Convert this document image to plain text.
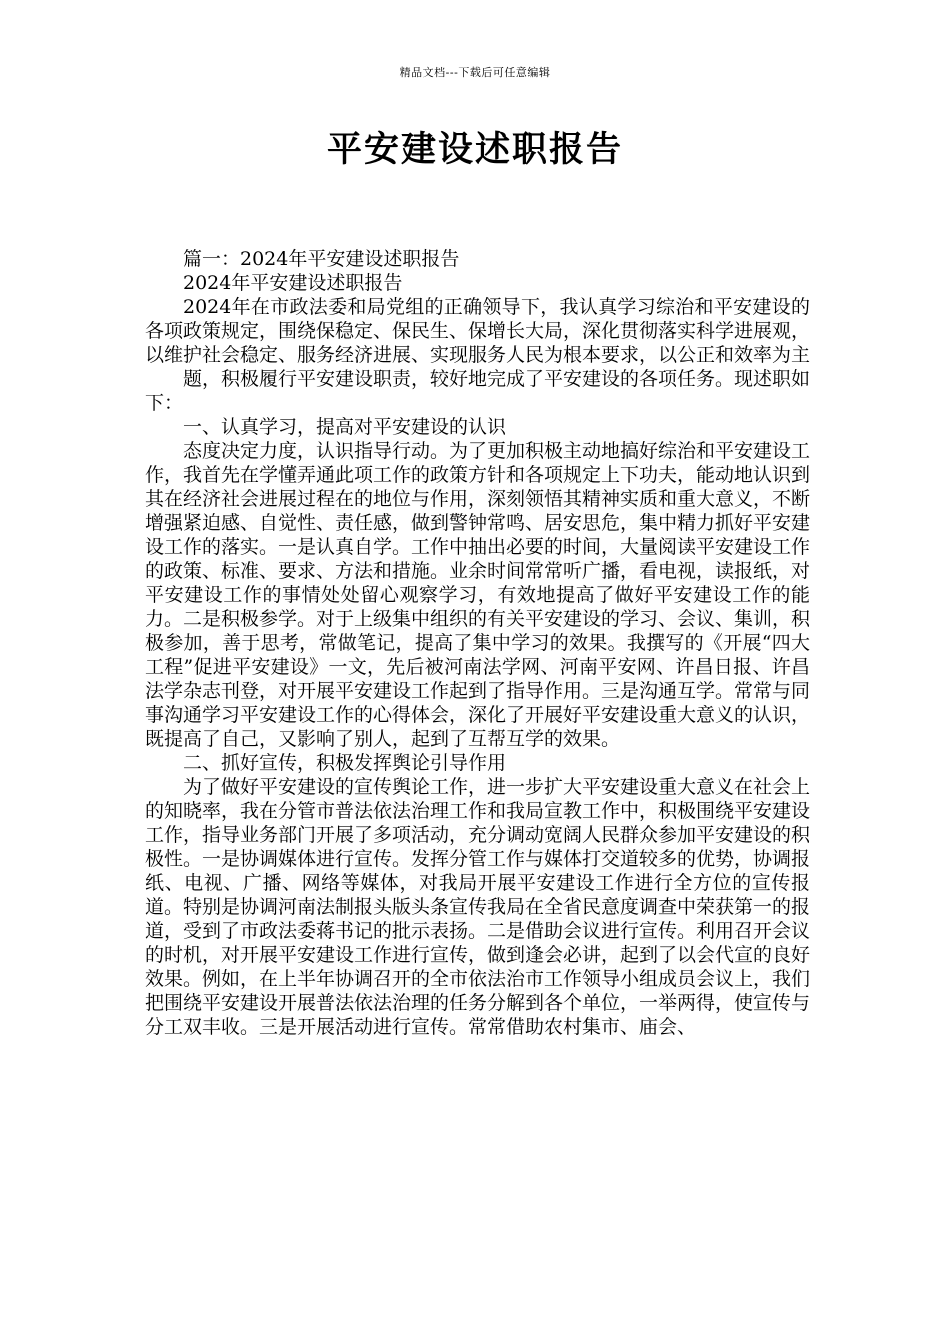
精品文档---下载后可任意编辑
平安建设述职报告

篇一：2024年平安建设述职报告

2024年平安建设述职报告

2024年在市政法委和局党组的正确领导下，我认真学习综治和平安建设的各项政策规定，围绕保稳定、保民生、保增长大局，深化贯彻落实科学进展观，以维护社会稳定、服务经济进展、实现服务人民为根本要求，以公正和效率为主

题，积极履行平安建设职责，较好地完成了平安建设的各项任务。现述职如下：

一、认真学习，提高对平安建设的认识

态度决定力度，认识指导行动。为了更加积极主动地搞好综治和平安建设工作，我首先在学懂弄通此项工作的政策方针和各项规定上下功夫，能动地认识到其在经济社会进展过程在的地位与作用，深刻领悟其精神实质和重大意义，不断增强紧迫感、自觉性、责任感，做到警钟常鸣、居安思危，集中精力抓好平安建设工作的落实。一是认真自学。工作中抽出必要的时间，大量阅读平安建设工作的政策、标准、要求、方法和措施。业余时间常常听广播，看电视，读报纸，对平安建设工作的事情处处留心观察学习，有效地提高了做好平安建设工作的能力。二是积极参学。对于上级集中组织的有关平安建设的学习、会议、集训，积极参加，善于思考，常做笔记，提高了集中学习的效果。我撰写的《开展“四大工程”促进平安建设》一文，先后被河南法学网、河南平安网、许昌日报、许昌法学杂志刊登，对开展平安建设工作起到了指导作用。三是沟通互学。常常与同事沟通学习平安建设工作的心得体会，深化了开展好平安建设重大意义的认识，既提高了自己，又影响了别人，起到了互帮互学的效果。

二、抓好宣传，积极发挥舆论引导作用

为了做好平安建设的宣传舆论工作，进一步扩大平安建设重大意义在社会上的知晓率，我在分管市普法依法治理工作和我局宣教工作中，积极围绕平安建设工作，指导业务部门开展了多项活动，充分调动宽阔人民群众参加平安建设的积极性。一是协调媒体进行宣传。发挥分管工作与媒体打交道较多的优势，协调报纸、电视、广播、网络等媒体，对我局开展平安建设工作进行全方位的宣传报道。特别是协调河南法制报头版头条宣传我局在全省民意度调查中荣获第一的报道，受到了市政法委蒋书记的批示表扬。二是借助会议进行宣传。利用召开会议的时机，对开展平安建设工作进行宣传，做到逢会必讲，起到了以会代宣的良好效果。例如，在上半年协调召开的全市依法治市工作领导小组成员会议上，我们把围绕平安建设开展普法依法治理的任务分解到各个单位，一举两得，使宣传与分工双丰收。三是开展活动进行宣传。常常借助农村集市、庙会、
